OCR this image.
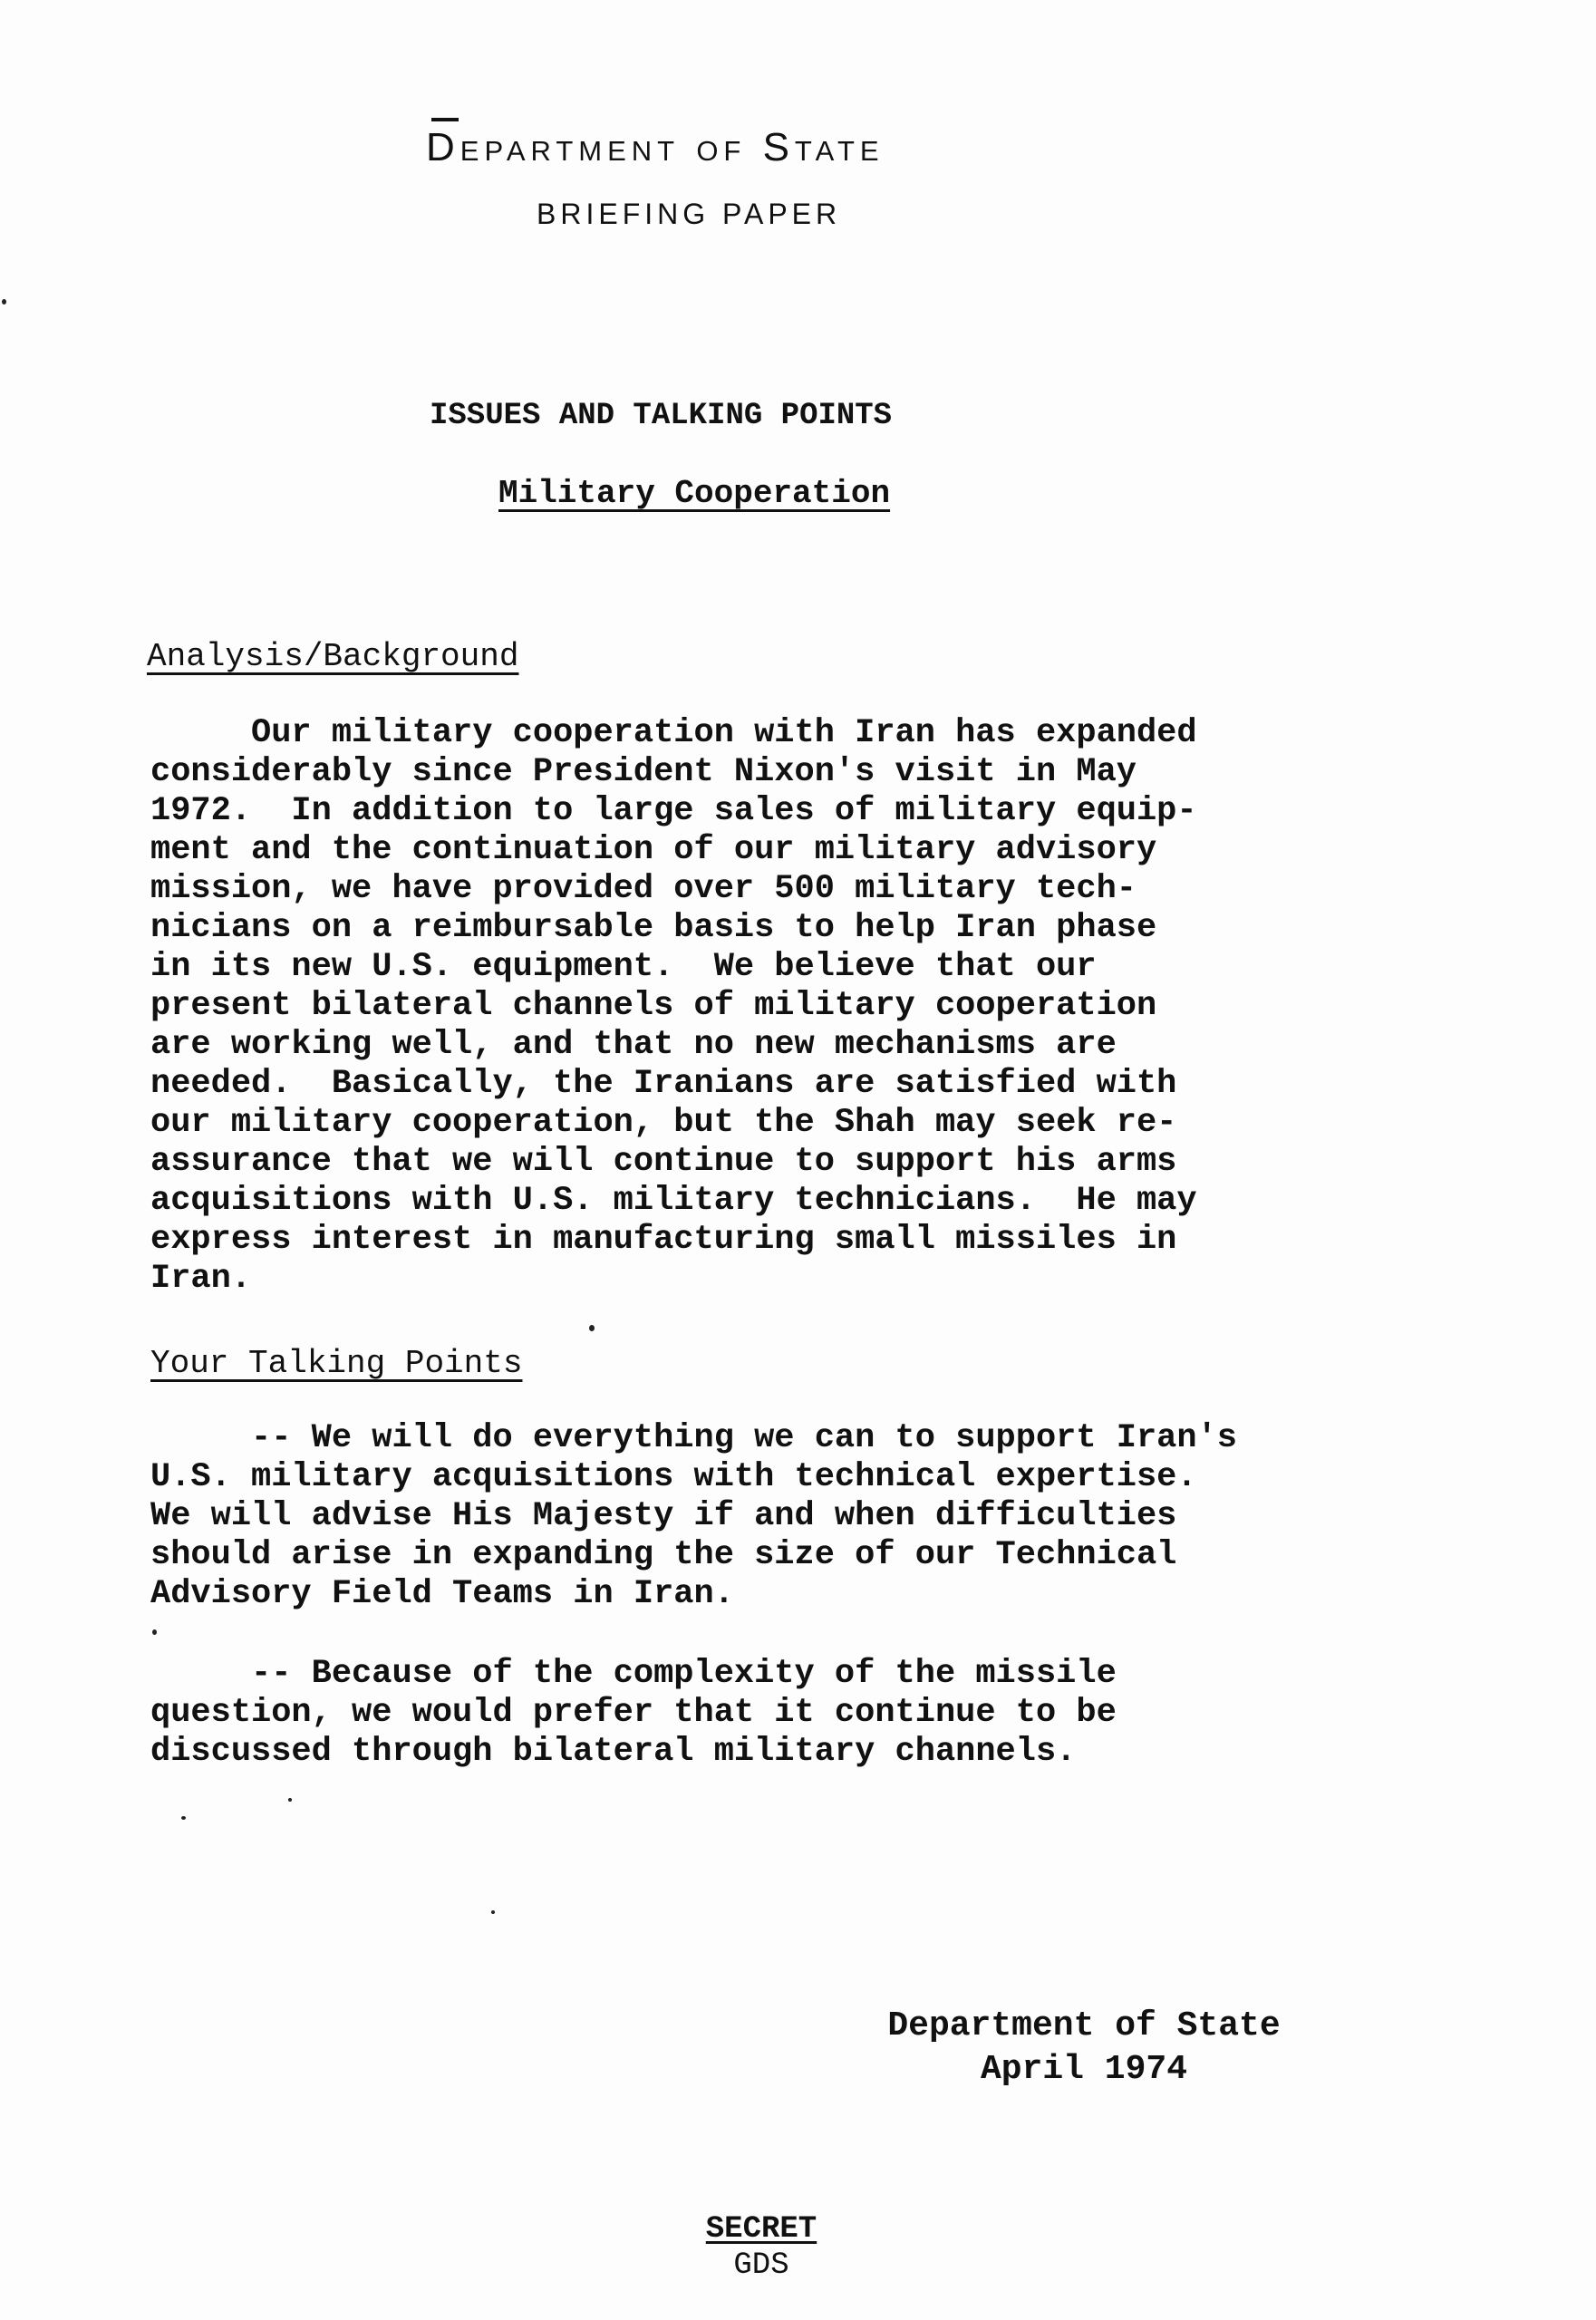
Department of State
BRIEFING PAPER
ISSUES AND TALKING POINTS
Military Cooperation
Analysis/Background
Our military cooperation with Iran has expanded
considerably since President Nixon's visit in May
1972.  In addition to large sales of military equip-
ment and the continuation of our military advisory
mission, we have provided over 500 military tech-
nicians on a reimbursable basis to help Iran phase
in its new U.S. equipment.  We believe that our
present bilateral channels of military cooperation
are working well, and that no new mechanisms are
needed.  Basically, the Iranians are satisfied with
our military cooperation, but the Shah may seek re-
assurance that we will continue to support his arms
acquisitions with U.S. military technicians.  He may
express interest in manufacturing small missiles in
Iran.
Your Talking Points
-- We will do everything we can to support Iran's
U.S. military acquisitions with technical expertise.
We will advise His Majesty if and when difficulties
should arise in expanding the size of our Technical
Advisory Field Teams in Iran.
-- Because of the complexity of the missile
question, we would prefer that it continue to be
discussed through bilateral military channels.
Department of State
April 1974
SECRET
GDS
